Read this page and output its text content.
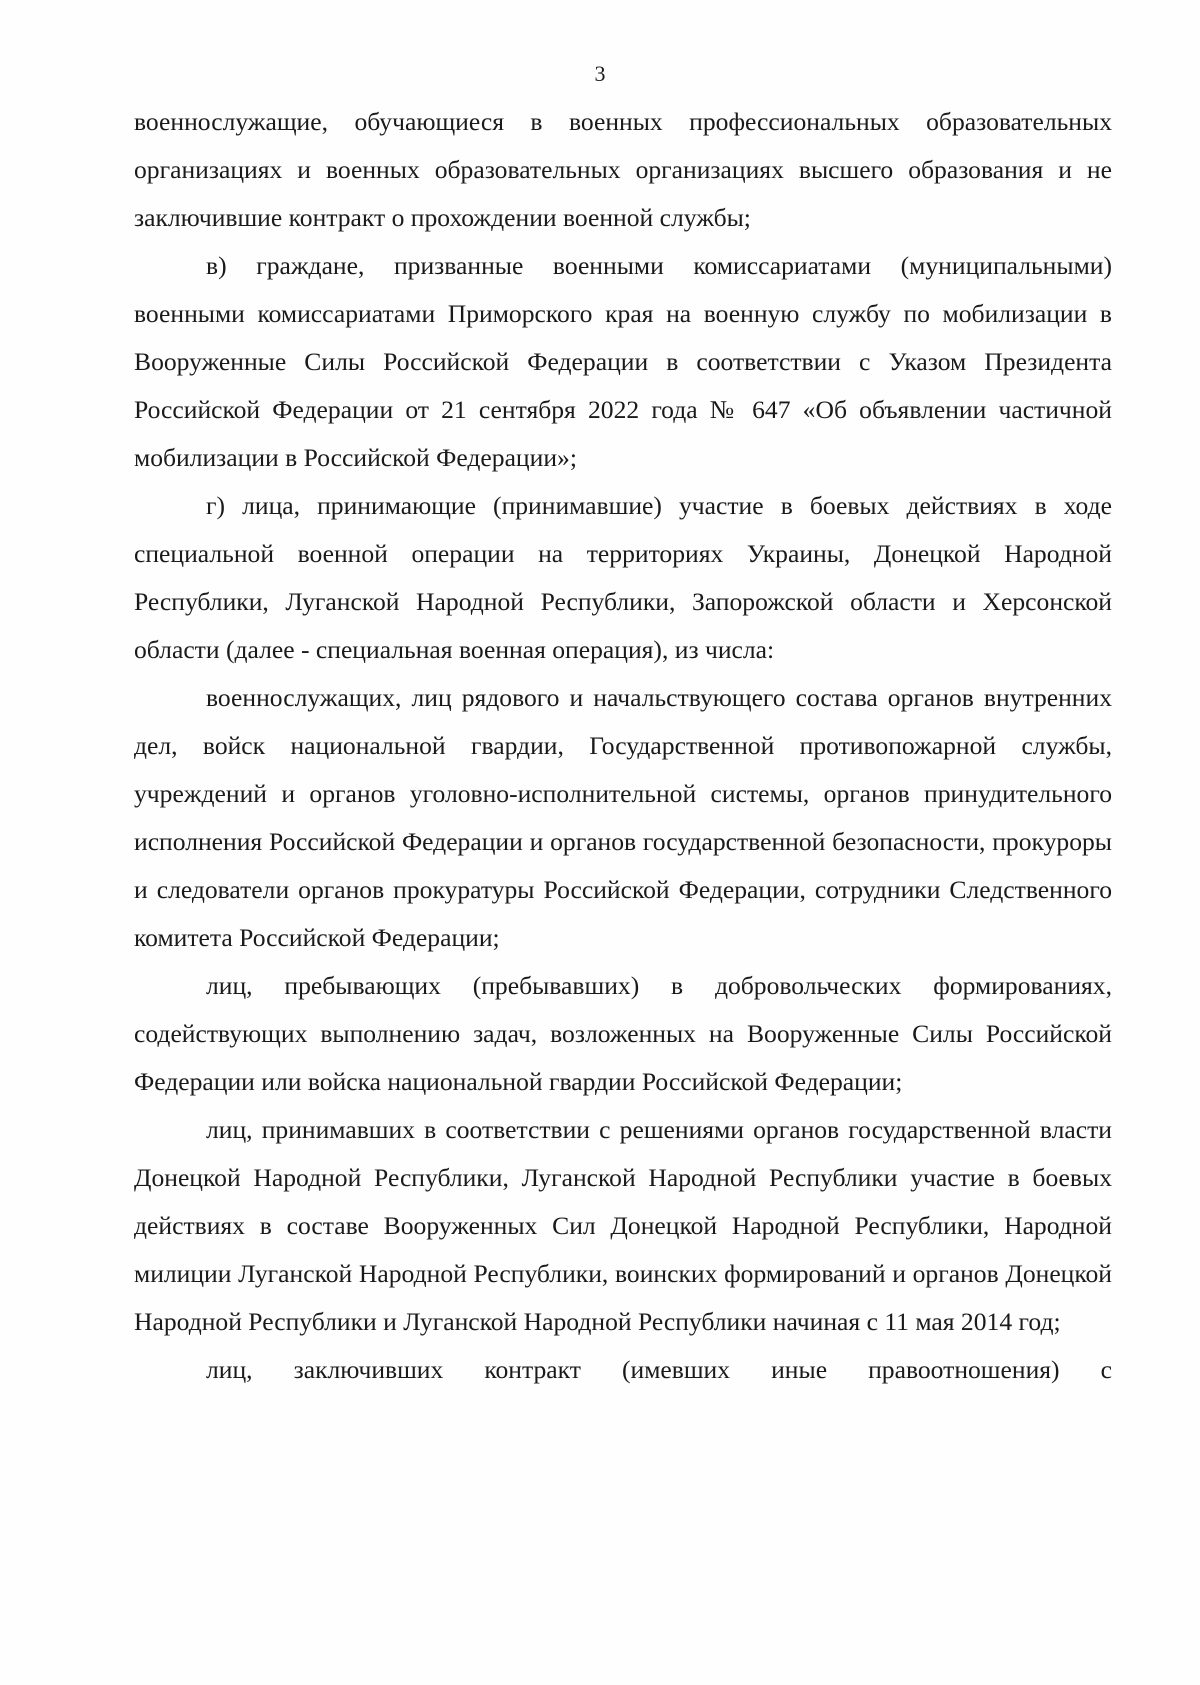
3

военнослужащие, обучающиеся в военных профессиональных образовательных организациях и военных образовательных организациях высшего образования и не заключившие контракт о прохождении военной службы;

в) граждане, призванные военными комиссариатами (муниципальными) военными комиссариатами Приморского края на военную службу по мобилизации в Вооруженные Силы Российской Федерации в соответствии с Указом Президента Российской Федерации от 21 сентября 2022 года № 647 «Об объявлении частичной мобилизации в Российской Федерации»;

г) лица, принимающие (принимавшие) участие в боевых действиях в ходе специальной военной операции на территориях Украины, Донецкой Народной Республики, Луганской Народной Республики, Запорожской области и Херсонской области (далее - специальная военная операция), из числа:

военнослужащих, лиц рядового и начальствующего состава органов внутренних дел, войск национальной гвардии, Государственной противопожарной службы, учреждений и органов уголовно-исполнительной системы, органов принудительного исполнения Российской Федерации и органов государственной безопасности, прокуроры и следователи органов прокуратуры Российской Федерации, сотрудники Следственного комитета Российской Федерации;

лиц, пребывающих (пребывавших) в добровольческих формированиях, содействующих выполнению задач, возложенных на Вооруженные Силы Российской Федерации или войска национальной гвардии Российской Федерации;

лиц, принимавших в соответствии с решениями органов государственной власти Донецкой Народной Республики, Луганской Народной Республики участие в боевых действиях в составе Вооруженных Сил Донецкой Народной Республики, Народной милиции Луганской Народной Республики, воинских формирований и органов Донецкой Народной Республики и Луганской Народной Республики начиная с 11 мая 2014 год;

лиц, заключивших контракт (имевших иные правоотношения) с
